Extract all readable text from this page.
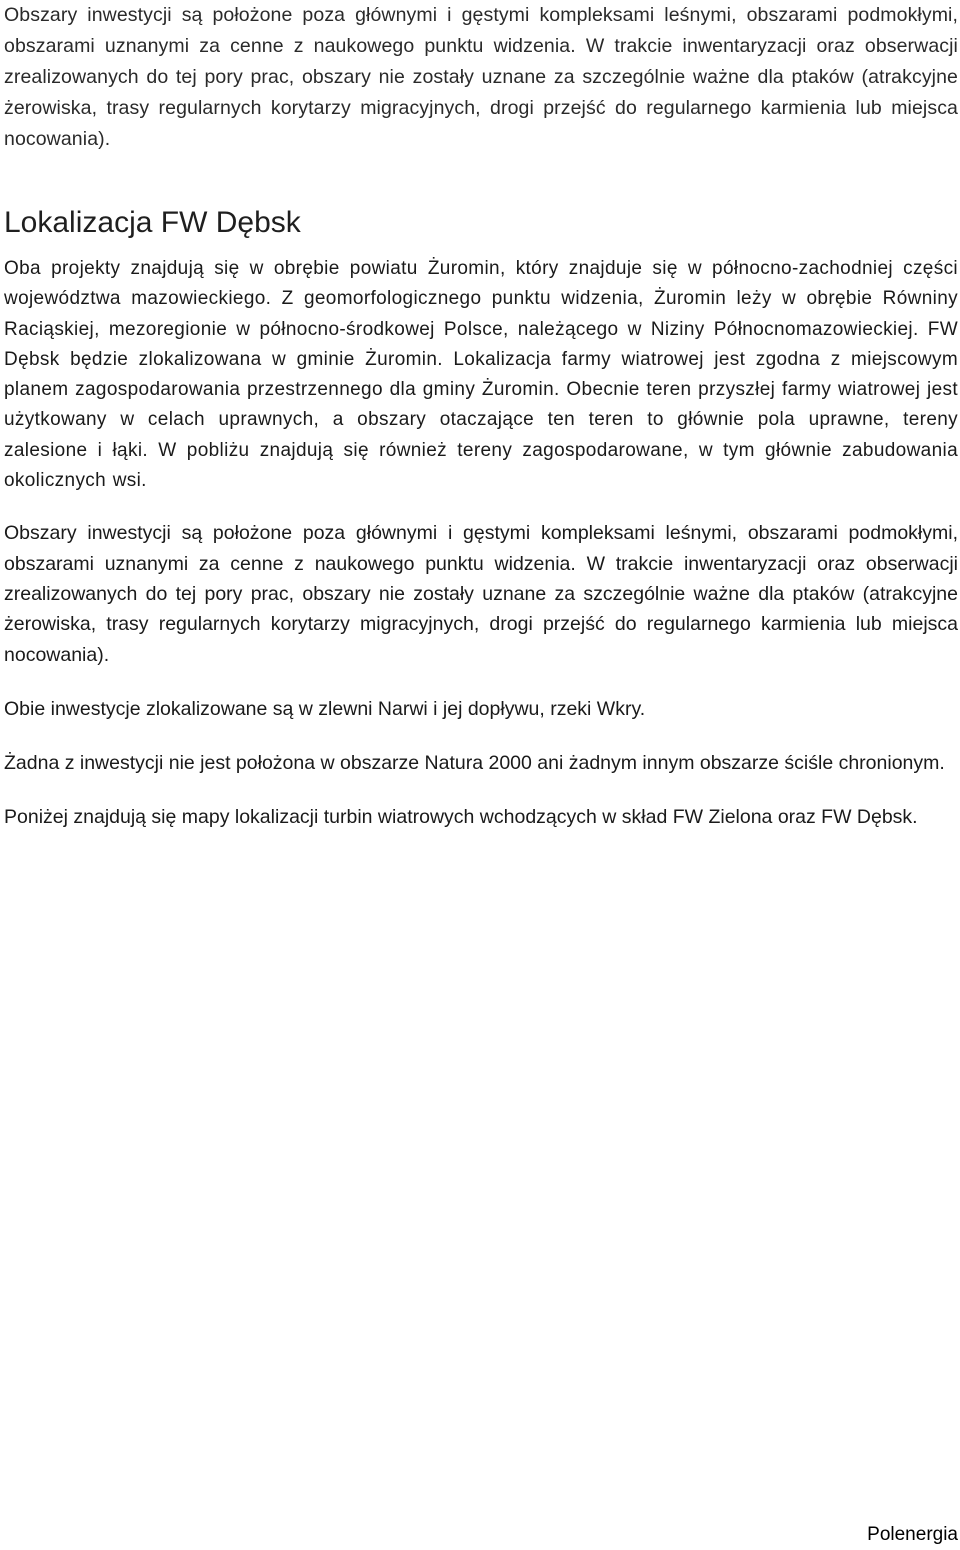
Obszary inwestycji są położone poza głównymi i gęstymi kompleksami leśnymi, obszarami podmokłymi, obszarami uznanymi za cenne z naukowego punktu widzenia. W trakcie inwentaryzacji oraz obserwacji zrealizowanych do tej pory prac, obszary nie zostały uznane za szczególnie ważne dla ptaków (atrakcyjne żerowiska, trasy regularnych korytarzy migracyjnych, drogi przejść do regularnego karmienia lub miejsca nocowania).

Lokalizacja FW Dębsk

Oba projekty znajdują się w obrębie powiatu Żuromin, który znajduje się w północno-zachodniej części województwa mazowieckiego. Z geomorfologicznego punktu widzenia, Żuromin leży w obrębie Równiny Raciąskiej, mezoregionie w północno-środkowej Polsce, należącego w Niziny Północnomazowieckiej. FW Dębsk będzie zlokalizowana w gminie Żuromin. Lokalizacja farmy wiatrowej jest zgodna z miejscowym planem zagospodarowania przestrzennego dla gminy Żuromin. Obecnie teren przyszłej farmy wiatrowej jest użytkowany w celach uprawnych, a obszary otaczające ten teren to głównie pola uprawne, tereny zalesione i łąki. W pobliżu znajdują się również tereny zagospodarowane, w tym głównie zabudowania okolicznych wsi.

Obszary inwestycji są położone poza głównymi i gęstymi kompleksami leśnymi, obszarami podmokłymi, obszarami uznanymi za cenne z naukowego punktu widzenia. W trakcie inwentaryzacji oraz obserwacji zrealizowanych do tej pory prac, obszary nie zostały uznane za szczególnie ważne dla ptaków (atrakcyjne żerowiska, trasy regularnych korytarzy migracyjnych, drogi przejść do regularnego karmienia lub miejsca nocowania).

Obie inwestycje zlokalizowane są w zlewni Narwi i jej dopływu, rzeki Wkry.

Żadna z inwestycji nie jest położona w obszarze Natura 2000 ani żadnym innym obszarze ściśle chronionym.

Poniżej znajdują się mapy lokalizacji turbin wiatrowych wchodzących w skład FW Zielona oraz FW Dębsk.

Polenergia
